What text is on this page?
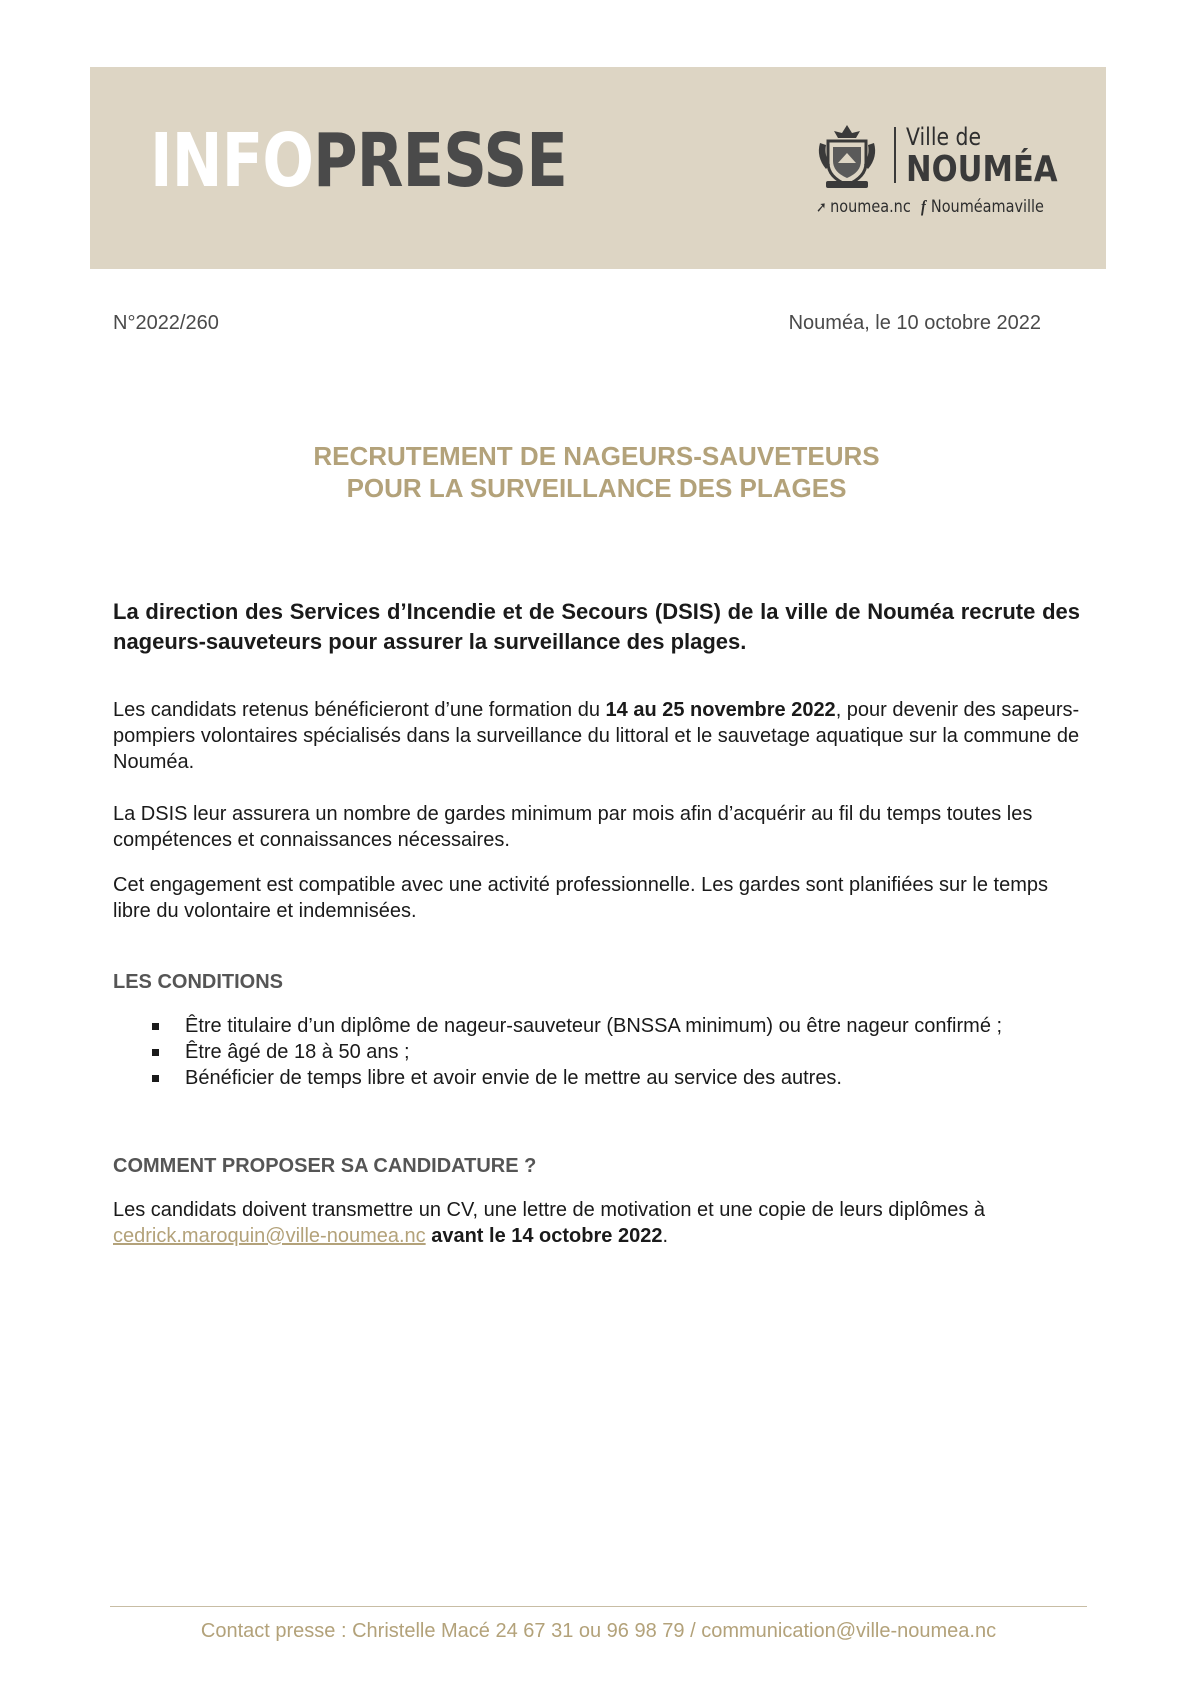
INFOPRESSE	Ville de
NOUMÉA
➚ noumea.nc f Nouméamaville
N°2022/260	Nouméa, le 10 octobre 2022
RECRUTEMENT DE NAGEURS-SAUVETEURS
POUR LA SURVEILLANCE DES PLAGES

La direction des Services d’Incendie et de Secours (DSIS) de la ville de Nouméa recrute des nageurs-sauveteurs pour assurer la surveillance des plages.

Les candidats retenus bénéficieront d’une formation du 14 au 25 novembre 2022, pour devenir des sapeurs-pompiers volontaires spécialisés dans la surveillance du littoral et le sauvetage aquatique sur la commune de Nouméa.

La DSIS leur assurera un nombre de gardes minimum par mois afin d’acquérir au fil du temps toutes les compétences et connaissances nécessaires.

Cet engagement est compatible avec une activité professionnelle. Les gardes sont planifiées sur le temps libre du volontaire et indemnisées.

LES CONDITIONS
Être titulaire d’un diplôme de nageur-sauveteur (BNSSA minimum) ou être nageur confirmé ;
Être âgé de 18 à 50 ans ;
Bénéficier de temps libre et avoir envie de le mettre au service des autres.
COMMENT PROPOSER SA CANDIDATURE ?

Les candidats doivent transmettre un CV, une lettre de motivation et une copie de leurs diplômes à cedrick.maroquin@ville-noumea.nc avant le 14 octobre 2022.

Contact presse : Christelle Macé 24 67 31 ou 96 98 79 / communication@ville-noumea.nc
